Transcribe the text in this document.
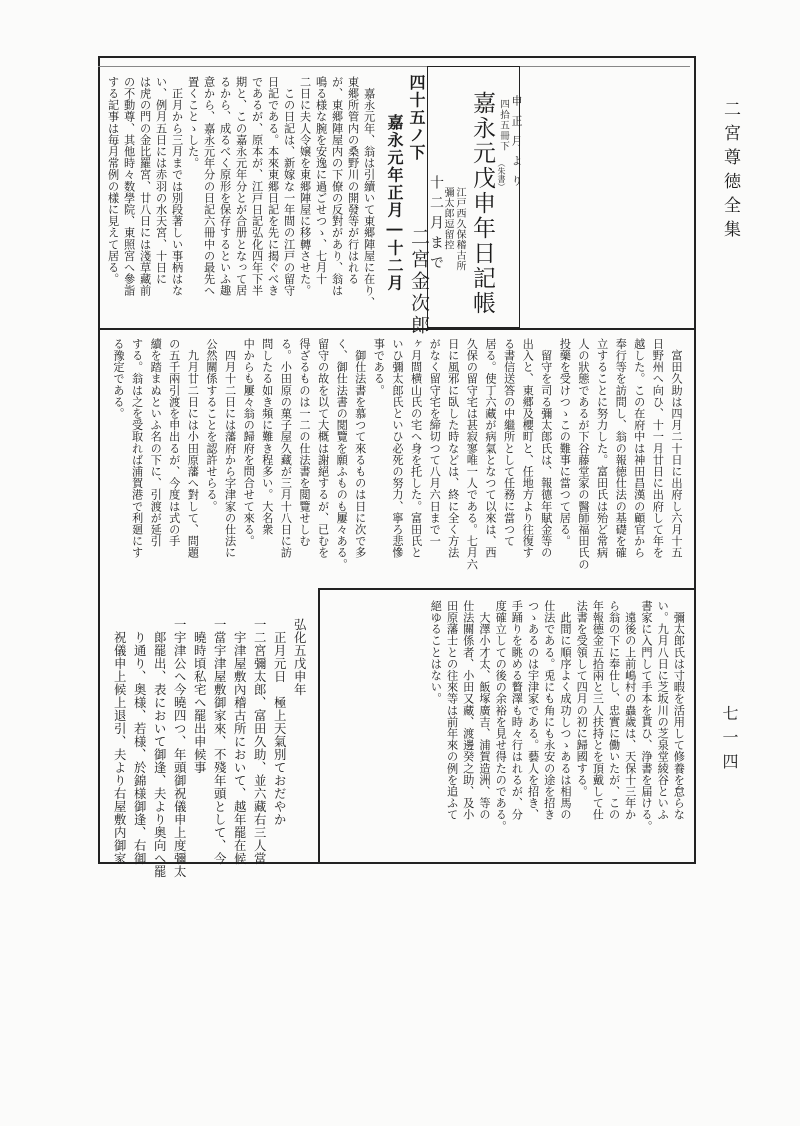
二宮尊徳全集
七一四
四拾五冊下
（朱書） 申正月より
嘉永元戊申年日記帳
江戸西久保稽古所
彌太郎逗留控
十二月まで
二宮金次郎
四十五ノ下
嘉永元年正月―十二月
　嘉永元年、翁は引續いて東郷陣屋に在り、
東郷所管内の桑野川の開發等が行はれる
が、東郷陣屋内の下僚の反對があり、翁は
鳴る様な腕を安逸に過ごせつゝ、七月十
二日に夫人令嬢を東郷陣屋に移轉させた。
　この日記は、新嫁な一年間の江戸の留守
日記である。本來東郷日記を先に揭ぐべき
であるが、原本が、江戸日記弘化四年下半
期と、この嘉永元年分とが合册となって居
るから、成るべく原形を保存するといふ趣
意から、嘉永元年分の日記六冊中の最先へ
置くことゝした。
　正月から三月までは別段著しい事柄はな
い、例月五日には赤羽の水天宮、十日に
は虎の門の金比羅宮、廿八日には淺草藏前
の不動尊、其他時々数學院、東照宮へ參詣
する記事は毎月常例の樣に見えて居る。
　富田久助は四月二十日に出府し六月十五
日野州へ向ひ、十一月廿日に出府して年を
越した。この在府中は神田昌漢の顧官から
奉行等を訪問し、翁の報徳仕法の基礎を確
立することに努力した。富田氏は殆ど常病
人の狀態であるが下谷藤堂家の醫師福田氏の
投藥を受けつゝこの難事に當つて居る。
　留守を司る彌太郎氏は、報德年賦金等の
出入と、東郷及櫻町と、任地方より往復す
る書信送答の中繼所として任務に當つて
居る。使丁六藏が病氣となつて以來は、西
久保の留守宅は甚寂寥唯一人である。七月六
日に風邪に臥した時などは、終に全く方法
がなく留守宅を締切つて八月六日まで一
ヶ月間横山氏の宅へ身を托した。富田氏と
いひ彌太郎氏といひ必死の努力、寧ろ悲慘
事である。
　御仕法書を慕つて來るものは日に次で多
く、御仕法書の閲覽を願ふものも屢々ある。
留守の故を以て大概は謝絕するが、已むを
得ざるものは一二の仕法書を閲覽せしむ
る。小田原の菓子屋久藏が三月十八日に訪
問したる如き頻に難き程多い。大名衆
中からも屢々翁の歸府を問合せて來る。
　四月十二日には藩府から字津家の仕法に
公然關係することを認許せらる。
　九月廿二日には小田原藩へ對して、問題
の五千兩引渡を申出るが、今度は式の手
續を踏まぬといふ名の下に、引渡が延引
する。翁は之を受取れば浦賀港で利廻にす
る豫定である。
　彌太郎氏は寸暇を活用して修養を怠らな
い。九月八日に芝坂川の芝泉堂綾谷といふ
書家に入門して手本を貰ひ、浄書を届ける。
　遠後の上前嶋村の蟲歲は、天保十三年か
ら翁の下に奉仕し、忠實に働いたが、この
年報德金五拾兩と三人扶持とを頂戴して仕
法書を受領して四月の初に歸國する。
　此間に順序よく成功しつゝあるは相馬の
仕法である。兎にも角にも永安の途を招き
つゝあるのは宇津家である。藝人を招き、
手踊りを眺める贅澤も時々行はれるが、分
度確立しての後の余裕を見せ得たのである。
　大澤小才太、飯塚廣吉、浦賀造洲、等の
仕法關係者、小田又藏、渡邊癸之助、及小
田原藩士との往來等は前年來の例を追ふて
絕ゆることはない。
弘化五戊申年
　正月元日　極上天氣別ておだやか
一二宮彌太郎、富田久助、並六藏右三人當
　宇津屋敷內稽古所において、越年罷在候
一當宇津屋敷御家來、不殘年頭として、今
　曉時頃私宅へ罷出申候事
一宇津公へ今曉四つ、年頭御祝儀申上度彌太
　郞罷出、表において御逢、夫より奥向へ罷
　り通り、奥様、若様、於錦様御逢、右御
　祝儀申上候上退引、夫より右屋敷内御家
